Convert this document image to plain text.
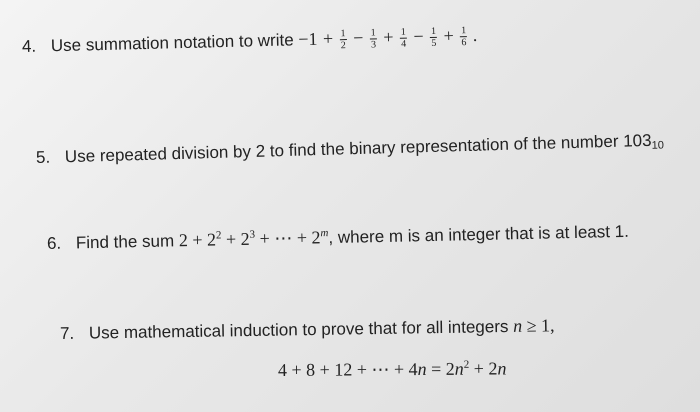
4. Use summation notation to write $-1 + \frac{1}{2} - \frac{1}{3} + \frac{1}{4} - \frac{1}{5} + \frac{1}{6}$ .
5. Use repeated division by 2 to find the binary representation of the number $103_{10}$
6. Find the sum $2 + 2^2 + 2^3$ + ⋯ + $2^m$, where m is an integer that is at least 1.
7. Use mathematical induction to prove that for all integers n ≥ 1,
4 + 8 + 12 + ⋯ + $4n = 2n^2 + 2n$
